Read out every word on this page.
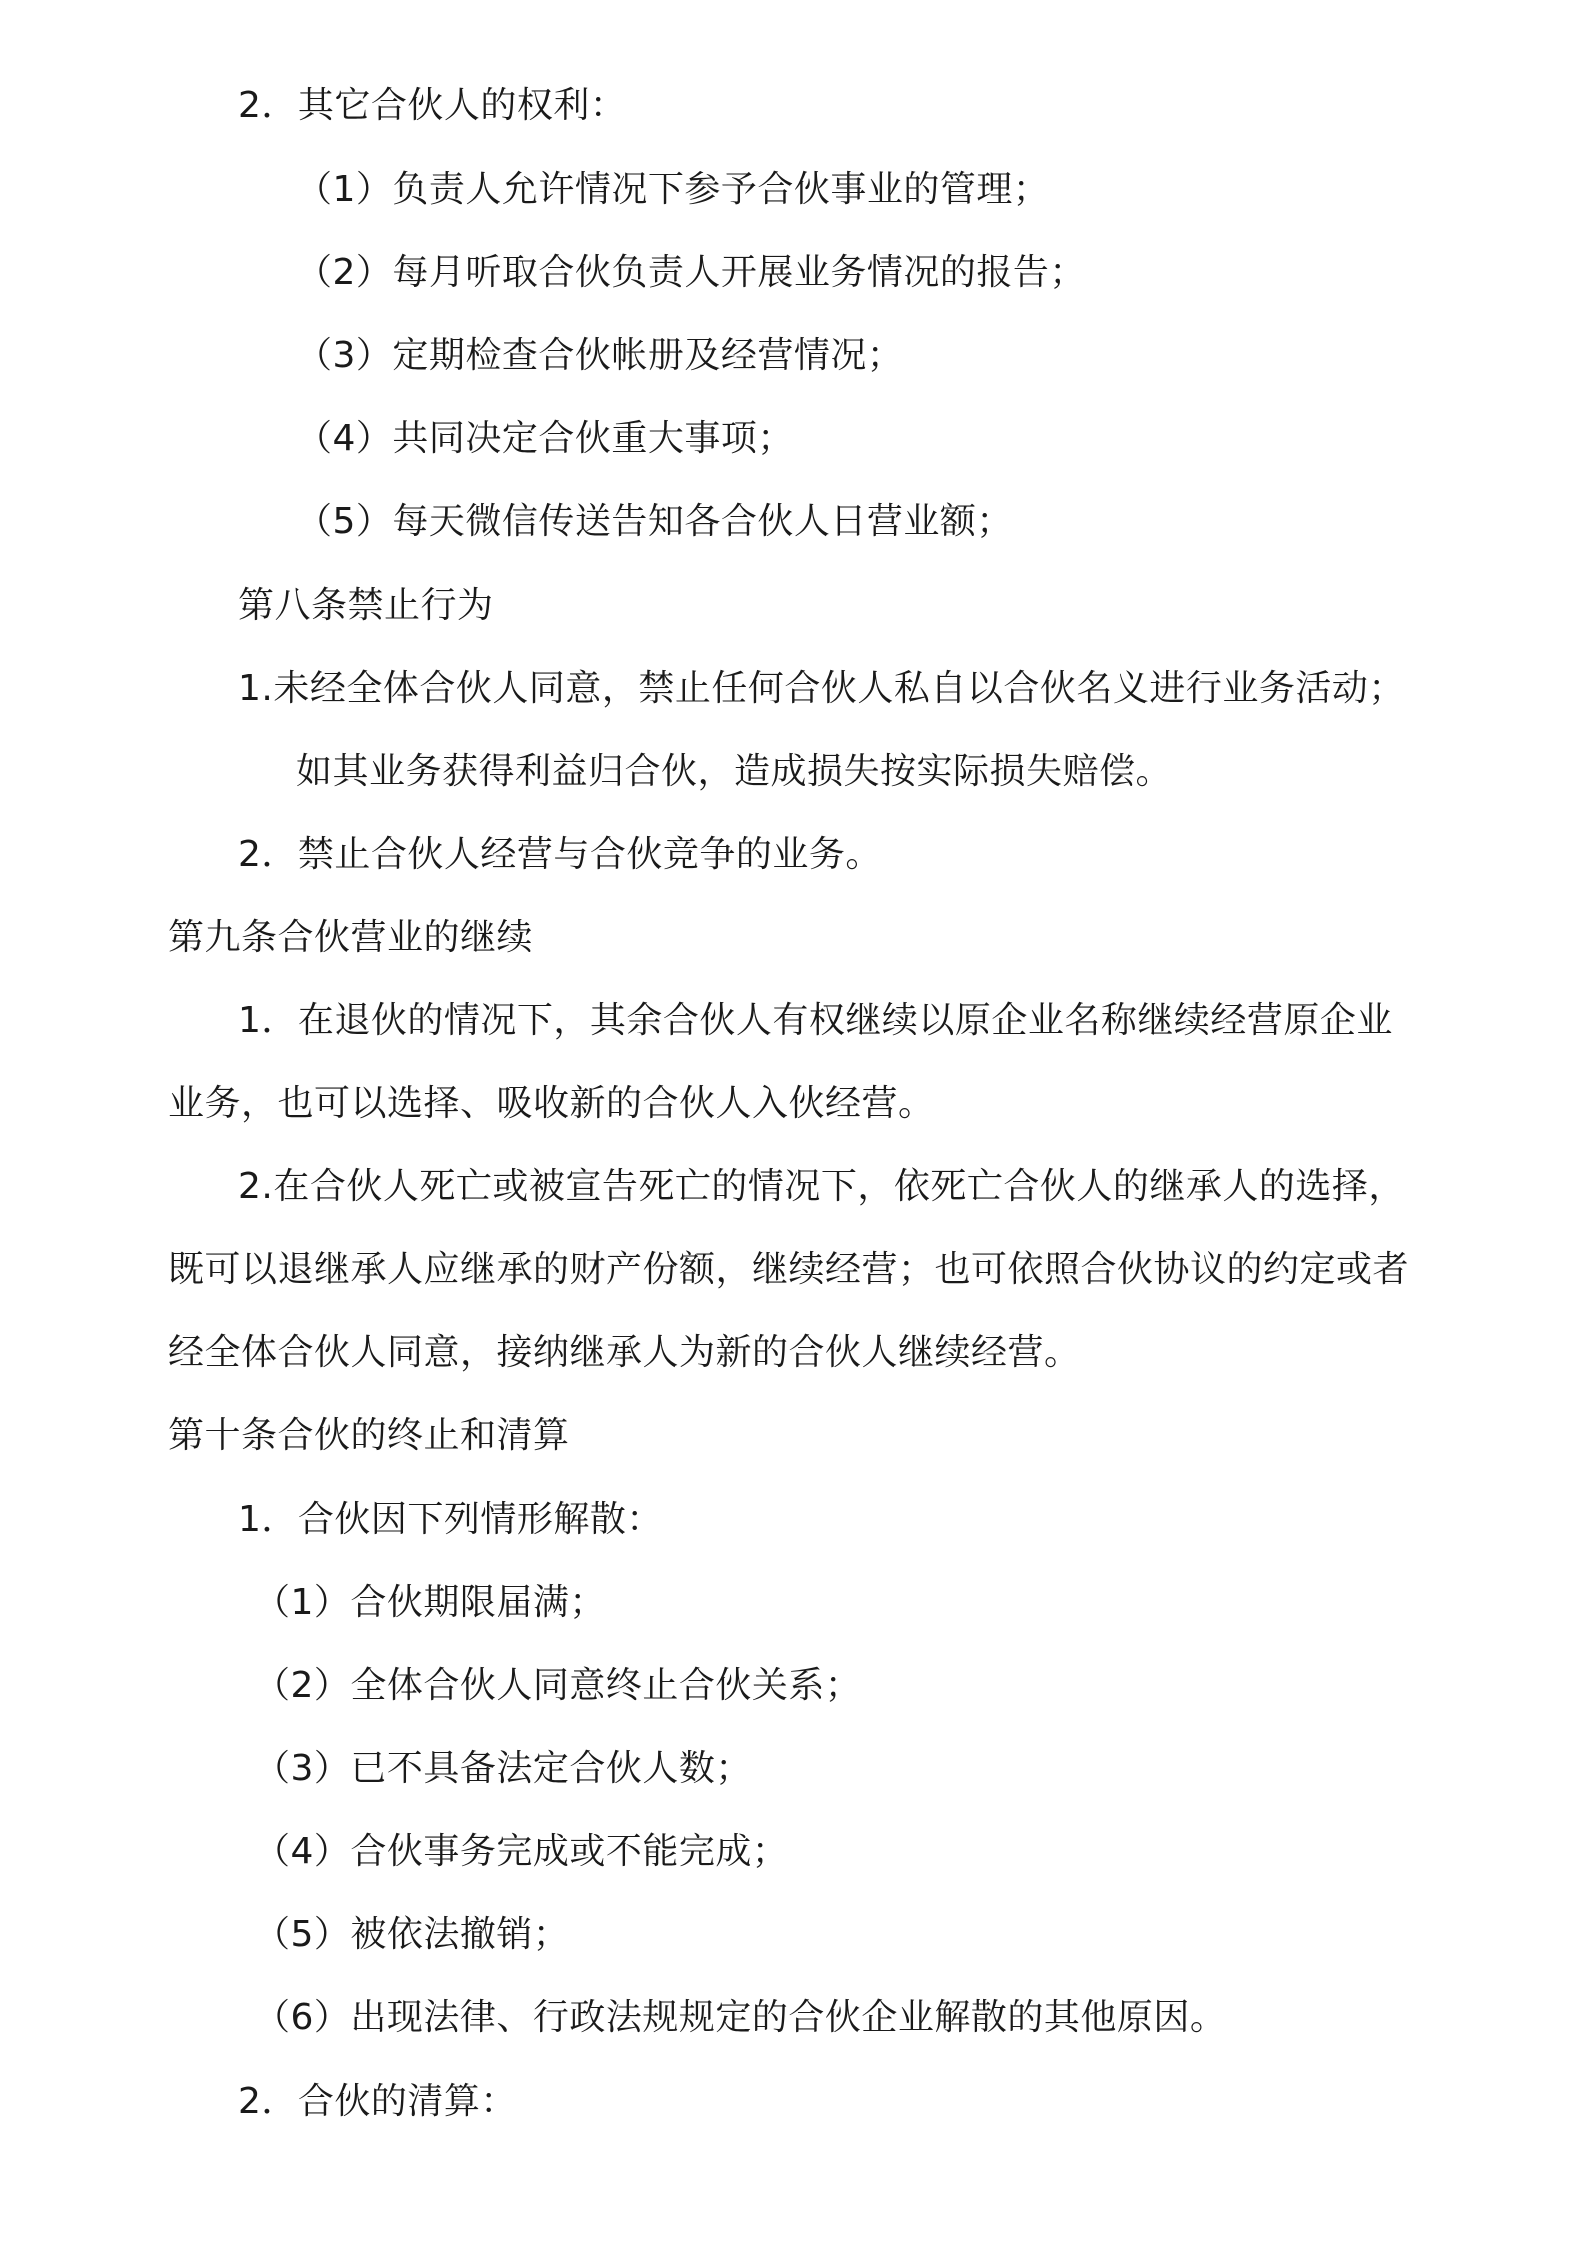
2．其它合伙人的权利：
（1）负责人允许情况下参予合伙事业的管理；
（2）每月听取合伙负责人开展业务情况的报告；
（3）定期检查合伙帐册及经营情况；
（4）共同决定合伙重大事项；
（5）每天微信传送告知各合伙人日营业额；
第八条禁止行为
1.未经全体合伙人同意，禁止任何合伙人私自以合伙名义进行业务活动；
如其业务获得利益归合伙，造成损失按实际损失赔偿。
2．禁止合伙人经营与合伙竞争的业务。
第九条合伙营业的继续
1．在退伙的情况下，其余合伙人有权继续以原企业名称继续经营原企业
业务，也可以选择、吸收新的合伙人入伙经营。
2.在合伙人死亡或被宣告死亡的情况下，依死亡合伙人的继承人的选择，
既可以退继承人应继承的财产份额，继续经营；也可依照合伙协议的约定或者
经全体合伙人同意，接纳继承人为新的合伙人继续经营。
第十条合伙的终止和清算
1．合伙因下列情形解散：
（1）合伙期限届满；
（2）全体合伙人同意终止合伙关系；
（3）已不具备法定合伙人数；
（4）合伙事务完成或不能完成；
（5）被依法撤销；
（6）出现法律、行政法规规定的合伙企业解散的其他原因。
2．合伙的清算：
